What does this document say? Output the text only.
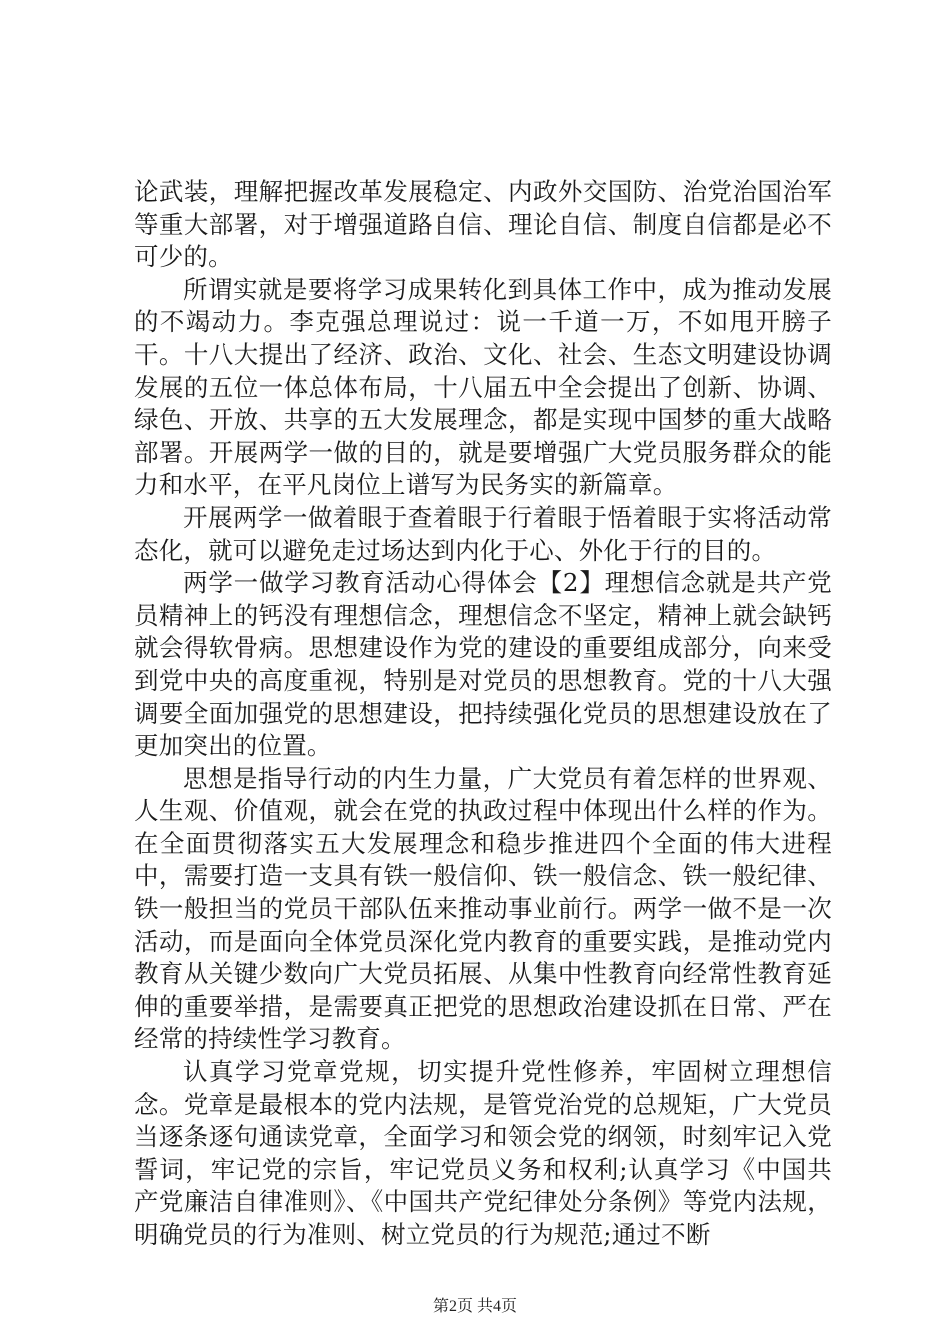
论武装，理解把握改革发展稳定、内政外交国防、治党治国治军等重大部署，对于增强道路自信、理论自信、制度自信都是必不可少的。

所谓实就是要将学习成果转化到具体工作中，成为推动发展的不竭动力。李克强总理说过：说一千道一万，不如甩开膀子干。十八大提出了经济、政治、文化、社会、生态文明建设协调发展的五位一体总体布局，十八届五中全会提出了创新、协调、绿色、开放、共享的五大发展理念，都是实现中国梦的重大战略部署。开展两学一做的目的，就是要增强广大党员服务群众的能力和水平，在平凡岗位上谱写为民务实的新篇章。

开展两学一做着眼于查着眼于行着眼于悟着眼于实将活动常态化，就可以避免走过场达到内化于心、外化于行的目的。

两学一做学习教育活动心得体会【2】理想信念就是共产党员精神上的钙没有理想信念，理想信念不坚定，精神上就会缺钙就会得软骨病。思想建设作为党的建设的重要组成部分，向来受到党中央的高度重视，特别是对党员的思想教育。党的十八大强调要全面加强党的思想建设，把持续强化党员的思想建设放在了更加突出的位置。

思想是指导行动的内生力量，广大党员有着怎样的世界观、人生观、价值观，就会在党的执政过程中体现出什么样的作为。在全面贯彻落实五大发展理念和稳步推进四个全面的伟大进程中，需要打造一支具有铁一般信仰、铁一般信念、铁一般纪律、铁一般担当的党员干部队伍来推动事业前行。两学一做不是一次活动，而是面向全体党员深化党内教育的重要实践，是推动党内教育从关键少数向广大党员拓展、从集中性教育向经常性教育延伸的重要举措，是需要真正把党的思想政治建设抓在日常、严在经常的持续性学习教育。

认真学习党章党规，切实提升党性修养，牢固树立理想信念。党章是最根本的党内法规，是管党治党的总规矩，广大党员当逐条逐句通读党章，全面学习和领会党的纲领，时刻牢记入党誓词，牢记党的宗旨，牢记党员义务和权利;认真学习《中国共产党廉洁自律准则》、《中国共产党纪律处分条例》等党内法规，明确党员的行为准则、树立党员的行为规范;通过不断

第2页 共4页
